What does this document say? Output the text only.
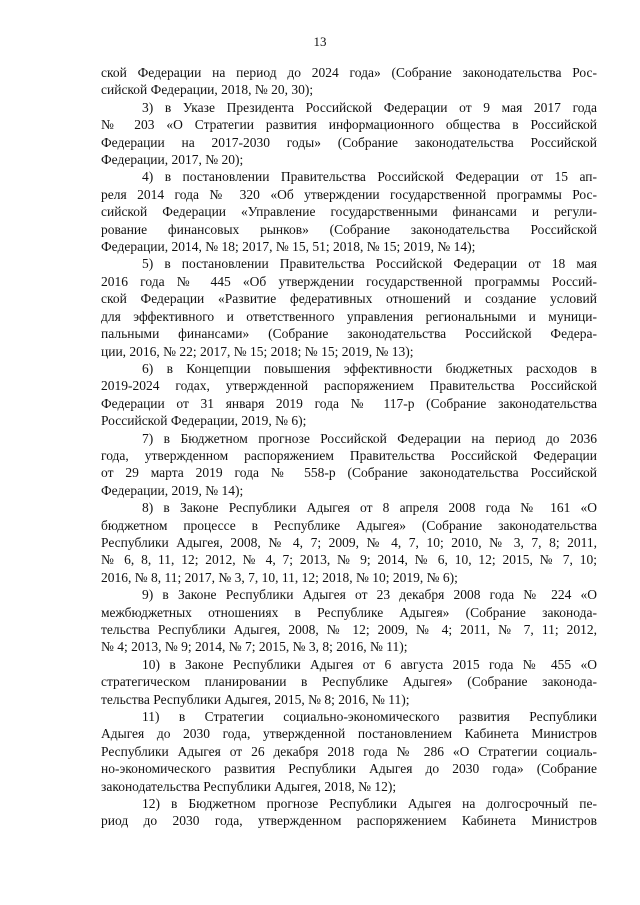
13

ской Федерации на период до 2024 года» (Собрание законодательства Рос-
сийской Федерации, 2018, № 20, 30);

3) в Указе Президента Российской Федерации от 9 мая 2017 года
№ 203 «О Стратегии развития информационного общества в Российской
Федерации на 2017-2030 годы» (Собрание законодательства Российской
Федерации, 2017, № 20);

4) в постановлении Правительства Российской Федерации от 15 ап-
реля 2014 года № 320 «Об утверждении государственной программы Рос-
сийской Федерации «Управление государственными финансами и регули-
рование финансовых рынков» (Собрание законодательства Российской
Федерации, 2014, № 18; 2017, № 15, 51; 2018, № 15; 2019, № 14);

5) в постановлении Правительства Российской Федерации от 18 мая
2016 года № 445 «Об утверждении государственной программы Россий-
ской Федерации «Развитие федеративных отношений и создание условий
для эффективного и ответственного управления региональными и муници-
пальными финансами» (Собрание законодательства Российской Федера-
ции, 2016, № 22; 2017, № 15; 2018; № 15; 2019, № 13);

6) в Концепции повышения эффективности бюджетных расходов в
2019-2024 годах, утвержденной распоряжением Правительства Российской
Федерации от 31 января 2019 года № 117-р (Собрание законодательства
Российской Федерации, 2019, № 6);

7) в Бюджетном прогнозе Российской Федерации на период до 2036
года, утвержденном распоряжением Правительства Российской Федерации
от 29 марта 2019 года № 558-р (Собрание законодательства Российской
Федерации, 2019, № 14);

8) в Законе Республики Адыгея от 8 апреля 2008 года № 161 «О
бюджетном процессе в Республике Адыгея» (Собрание законодательства
Республики Адыгея, 2008, № 4, 7; 2009, № 4, 7, 10; 2010, № 3, 7, 8; 2011,
№ 6, 8, 11, 12; 2012, № 4, 7; 2013, № 9; 2014, № 6, 10, 12; 2015, № 7, 10;
2016, № 8, 11; 2017, № 3, 7, 10, 11, 12; 2018, № 10; 2019, № 6);

9) в Законе Республики Адыгея от 23 декабря 2008 года № 224 «О
межбюджетных отношениях в Республике Адыгея» (Собрание законода-
тельства Республики Адыгея, 2008, № 12; 2009, № 4; 2011, № 7, 11; 2012,
№ 4; 2013, № 9; 2014, № 7; 2015, № 3, 8; 2016, № 11);

10) в Законе Республики Адыгея от 6 августа 2015 года № 455 «О
стратегическом планировании в Республике Адыгея» (Собрание законода-
тельства Республики Адыгея, 2015, № 8; 2016, № 11);

11) в Стратегии социально-экономического развития Республики
Адыгея до 2030 года, утвержденной постановлением Кабинета Министров
Республики Адыгея от 26 декабря 2018 года № 286 «О Стратегии социаль-
но-экономического развития Республики Адыгея до 2030 года» (Собрание
законодательства Республики Адыгея, 2018, № 12);

12) в Бюджетном прогнозе Республики Адыгея на долгосрочный пе-
риод до 2030 года, утвержденном распоряжением Кабинета Министров
